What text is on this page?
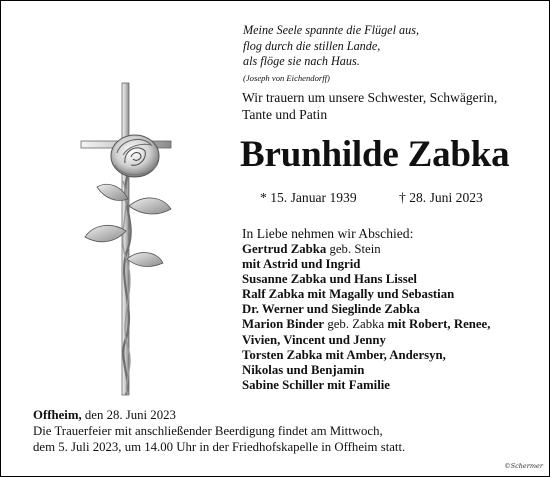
Meine Seele spannte die Flügel aus,
flog durch die stillen Lande,
als flöge sie nach Haus.
(Joseph von Eichendorff)
Wir trauern um unsere Schwester, Schwägerin,
Tante und Patin
Brunhilde Zabka
* 15. Januar 1939	† 28. Juni 2023
In Liebe nehmen wir Abschied:
Gertrud Zabka geb. Stein
mit Astrid und Ingrid
Susanne Zabka und Hans Lissel
Ralf Zabka mit Magally und Sebastian
Dr. Werner und Sieglinde Zabka
Marion Binder geb. Zabka mit Robert, Renee,
Vivien, Vincent und Jenny
Torsten Zabka mit Amber, Andersyn,
Nikolas und Benjamin
Sabine Schiller mit Familie
Offheim, den 28. Juni 2023
Die Trauerfeier mit anschließender Beerdigung findet am Mittwoch,
dem 5. Juli 2023, um 14.00 Uhr in der Friedhofskapelle in Offheim statt.
©Schermer
